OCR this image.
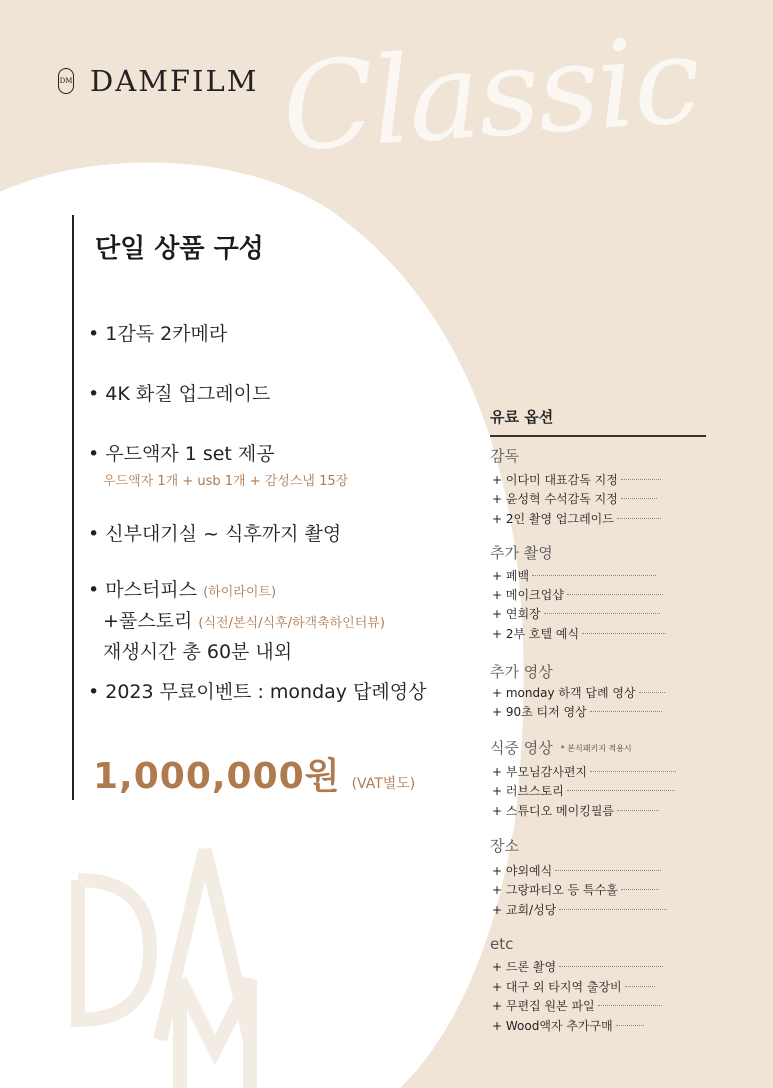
Classic
DM DAMFILM
단일 상품 구성
• 1감독 2카메라
• 4K 화질 업그레이드
• 우드액자 1 set 제공
우드액자 1개 + usb 1개 + 감성스냅 15장
• 신부대기실 ~ 식후까지 촬영
• 마스터피스 (하이라이트)
+풀스토리 (식전/본식/식후/하객축하인터뷰)
재생시간 총 60분 내외
• 2023 무료이벤트 : monday 답례영상
1,000,000원 (VAT별도)
유료 옵션
감독
+ 이다미 대표감독 지정
+ 윤성혁 수석감독 지정
+ 2인 촬영 업그레이드
추가 촬영
+ 폐백
+ 메이크업샵
+ 연회장
+ 2부 호텔 예식
추가 영상
+ monday 하객 답례 영상
+ 90초 티저 영상
식중 영상 * 본식패키지 적용시
+ 부모님감사편지
+ 러브스토리
+ 스튜디오 메이킹필름
장소
+ 야외예식
+ 그랑파티오 등 특수홀
+ 교회/성당
etc
+ 드론 촬영
+ 대구 외 타지역 출장비
+ 무편집 원본 파일
+ Wood액자 추가구매
